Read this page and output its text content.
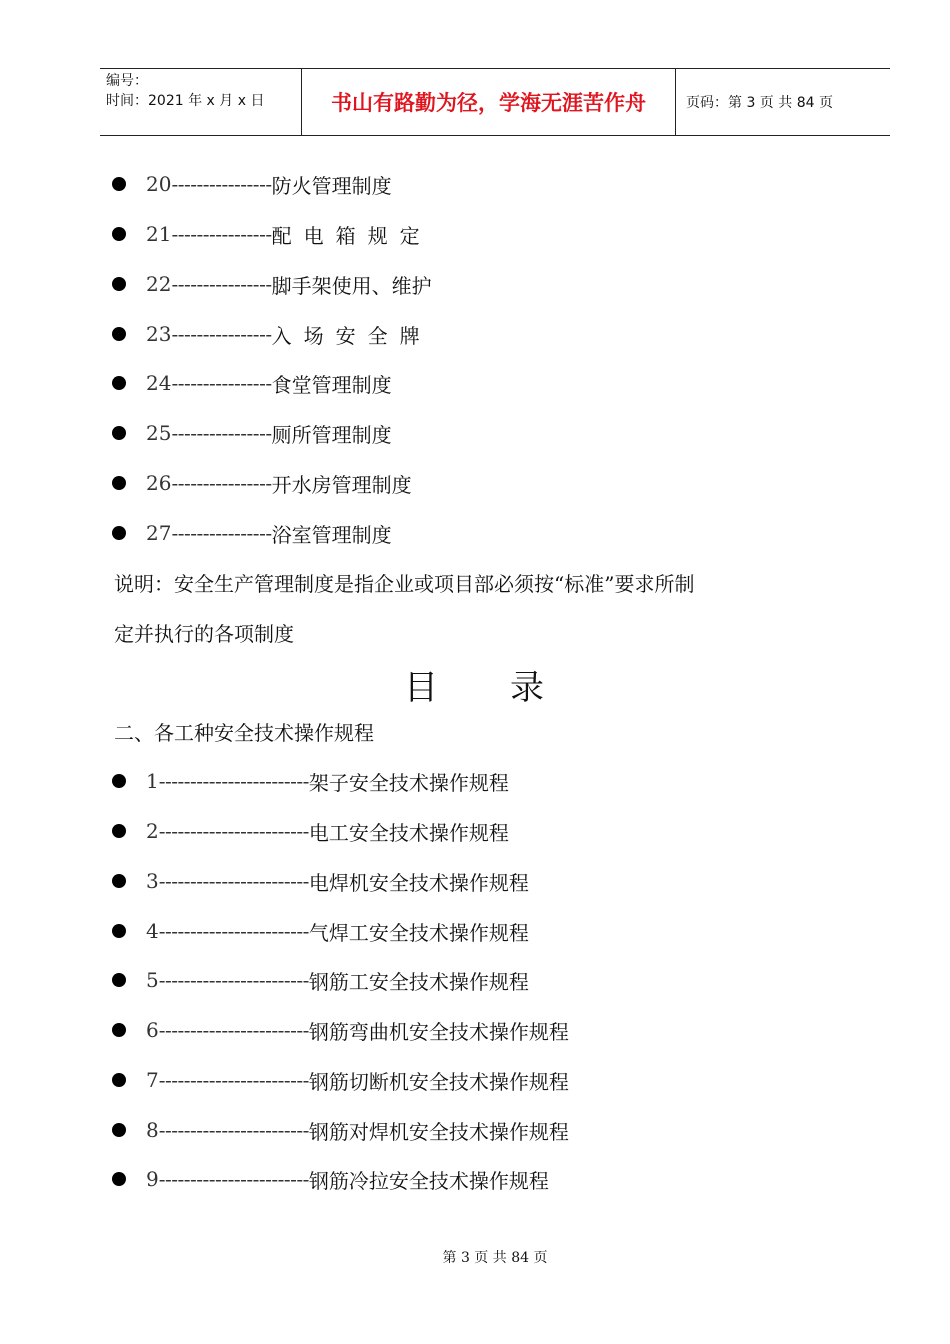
编号：
时间：2021 年 x 月 x 日	书山有路勤为径，学海无涯苦作舟	页码：第 3 页 共 84 页
20 ---------------- 防火管理制度
21 ---------------- 配电箱规定
22 ---------------- 脚手架使用、维护
23 ---------------- 入场安全牌
24 ---------------- 食堂管理制度
25 ---------------- 厕所管理制度
26 ---------------- 开水房管理制度
27 ---------------- 浴室管理制度
说明：安全生产管理制度是指企业或项目部必须按“标准”要求所制
定并执行的各项制度
目 录
二、各工种安全技术操作规程
1 ------------------------ 架子安全技术操作规程
2 ------------------------ 电工安全技术操作规程
3 ------------------------ 电焊机安全技术操作规程
4 ------------------------ 气焊工安全技术操作规程
5 ------------------------ 钢筋工安全技术操作规程
6 ------------------------ 钢筋弯曲机安全技术操作规程
7 ------------------------ 钢筋切断机安全技术操作规程
8 ------------------------ 钢筋对焊机安全技术操作规程
9 ------------------------ 钢筋冷拉安全技术操作规程
第 3 页 共 84 页
